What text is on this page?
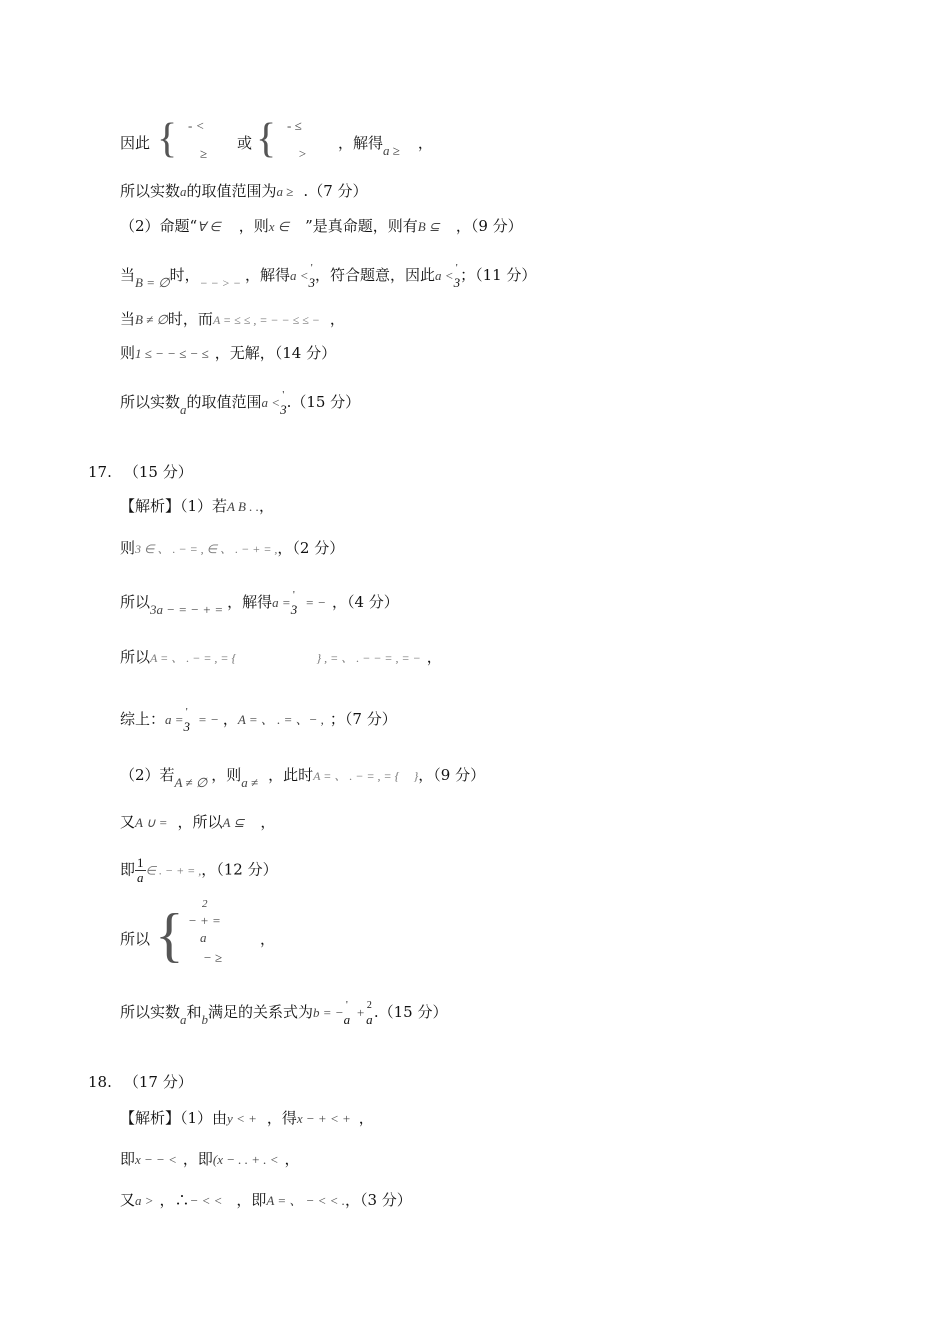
因此 { - <
≥
或 { - ≤
>
，解得a ≥ ，
所以实数a的取值范围为a ≥ .（7 分）
（2）命题“∀ ∈ ，则x ∈ ”是真命题，则有B ⊆ ，（9 分）
当B = ∅时，$_{- - > -}$ ，解得a < '
3 ，符合题意，因此a < '
3 ；（11 分）
当B ≠ ∅时，而A = ≤ ≤ , = − − ≤ ≤ − ，
则1 ≤ − − ≤ − ≤ ，无解，（14 分）
所以实数a的取值范围a < '
3 .（15 分）
17. （15 分）
【解析】（1）若A B . .，
则3 ∈ 、 . − = , ∈ 、 . − + = ,，（2 分）
所以3a − = − + = ，解得a = '
3 = − ，（4 分）
所以A = 、 . − = , = {	} , = 、 . − − = , = − ，
综上：a = '
3 = − ，A = 、 . = 、− , ；（7 分）
（2）若A ≠ ∅ ，则a ≠ ，此时A = 、 . − = , = { }，（9 分）
又A ∪ = ，所以A ⊆ ，
即 $\frac{1}{a}$ ∈ . − + = ,，（12 分）
所以 { − + =
2
a
− ≥
，
所以实数a和b满足的关系式为b = − '
a + 2
a .（15 分）
18. （17 分）
【解析】（1）由y < + ，得x − + < + ，
即x − − < ，即(x − . . + . < ，
又a > ，∴− < < ，即A = 、 − < < .，（3 分）
